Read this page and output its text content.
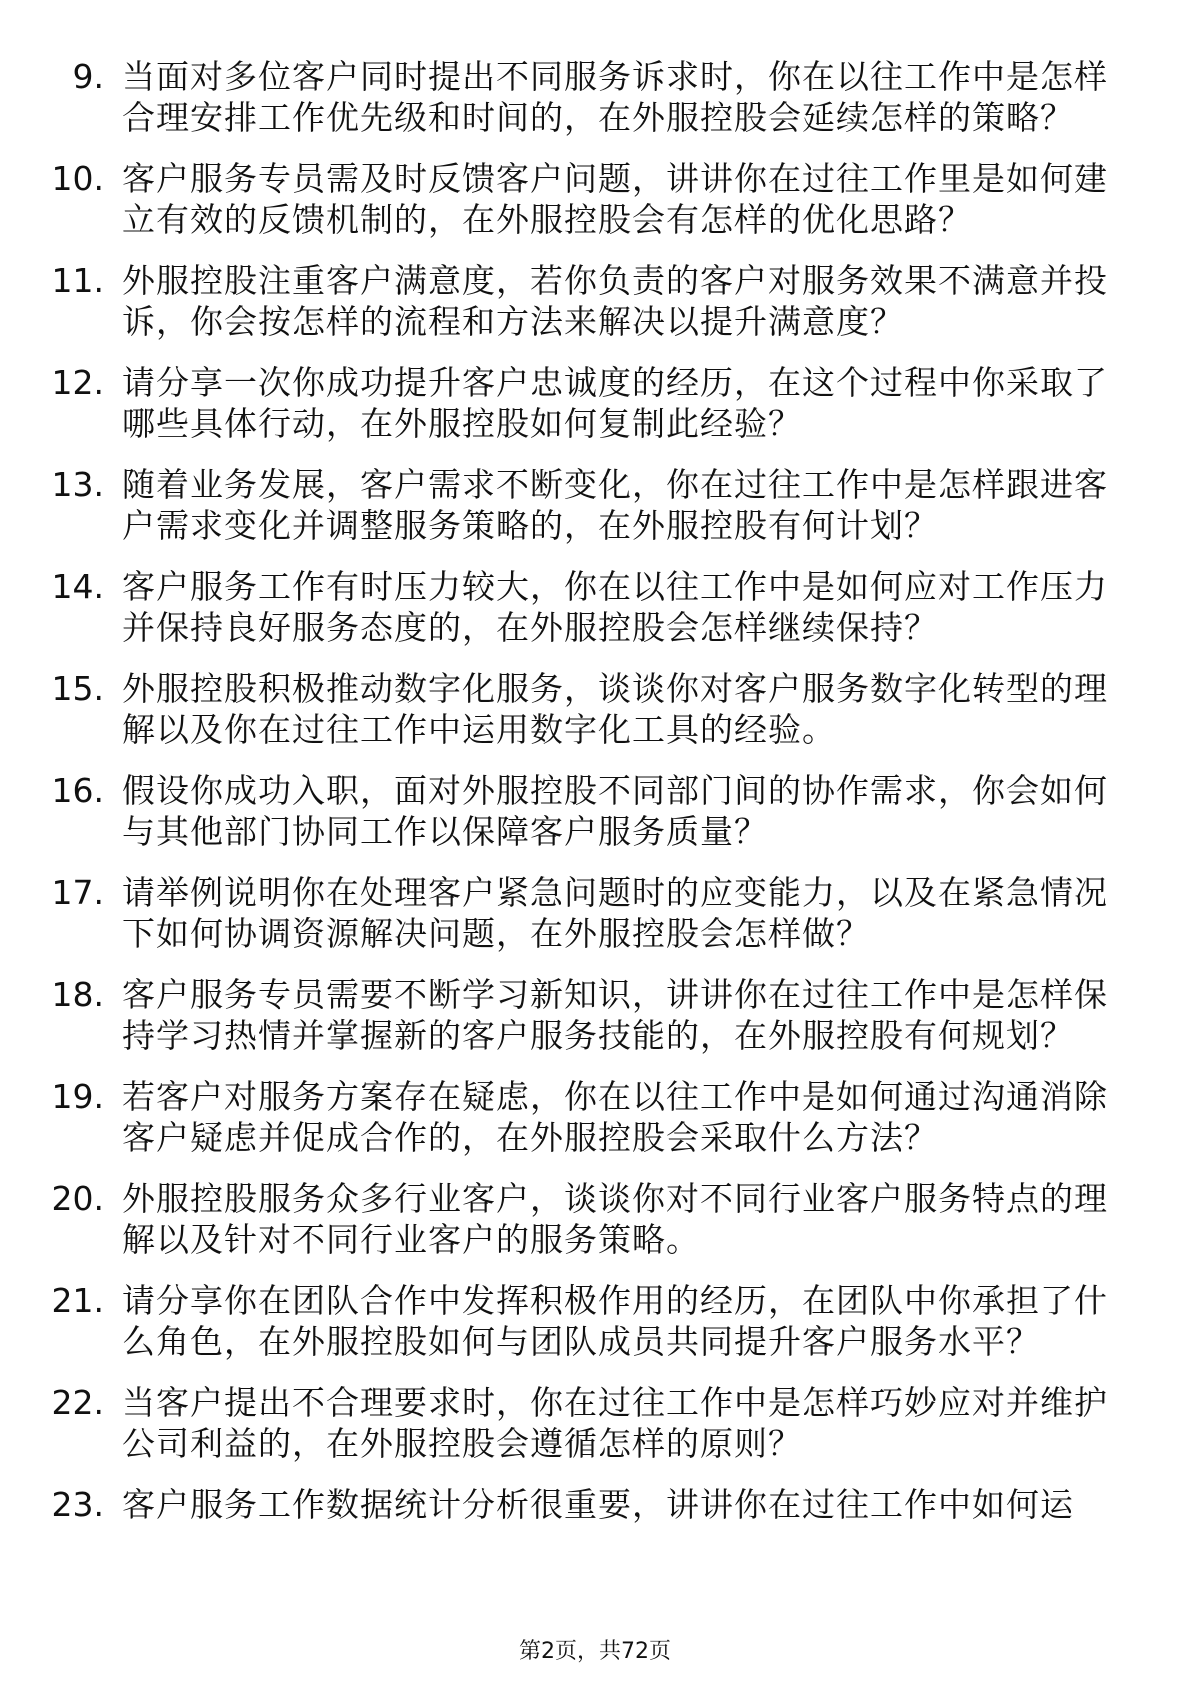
9. 当面对多位客户同时提出不同服务诉求时，你在以往工作中是怎样合理安排工作优先级和时间的，在外服控股会延续怎样的策略？
10. 客户服务专员需及时反馈客户问题，讲讲你在过往工作里是如何建立有效的反馈机制的，在外服控股会有怎样的优化思路？
11. 外服控股注重客户满意度，若你负责的客户对服务效果不满意并投诉，你会按怎样的流程和方法来解决以提升满意度？
12. 请分享一次你成功提升客户忠诚度的经历，在这个过程中你采取了哪些具体行动，在外服控股如何复制此经验？
13. 随着业务发展，客户需求不断变化，你在过往工作中是怎样跟进客户需求变化并调整服务策略的，在外服控股有何计划？
14. 客户服务工作有时压力较大，你在以往工作中是如何应对工作压力并保持良好服务态度的，在外服控股会怎样继续保持？
15. 外服控股积极推动数字化服务，谈谈你对客户服务数字化转型的理解以及你在过往工作中运用数字化工具的经验。
16. 假设你成功入职，面对外服控股不同部门间的协作需求，你会如何与其他部门协同工作以保障客户服务质量？
17. 请举例说明你在处理客户紧急问题时的应变能力，以及在紧急情况下如何协调资源解决问题，在外服控股会怎样做？
18. 客户服务专员需要不断学习新知识，讲讲你在过往工作中是怎样保持学习热情并掌握新的客户服务技能的，在外服控股有何规划？
19. 若客户对服务方案存在疑虑，你在以往工作中是如何通过沟通消除客户疑虑并促成合作的，在外服控股会采取什么方法？
20. 外服控股服务众多行业客户，谈谈你对不同行业客户服务特点的理解以及针对不同行业客户的服务策略。
21. 请分享你在团队合作中发挥积极作用的经历，在团队中你承担了什么角色，在外服控股如何与团队成员共同提升客户服务水平？
22. 当客户提出不合理要求时，你在过往工作中是怎样巧妙应对并维护公司利益的，在外服控股会遵循怎样的原则？
23. 客户服务工作数据统计分析很重要，讲讲你在过往工作中如何运
第2页，共72页
